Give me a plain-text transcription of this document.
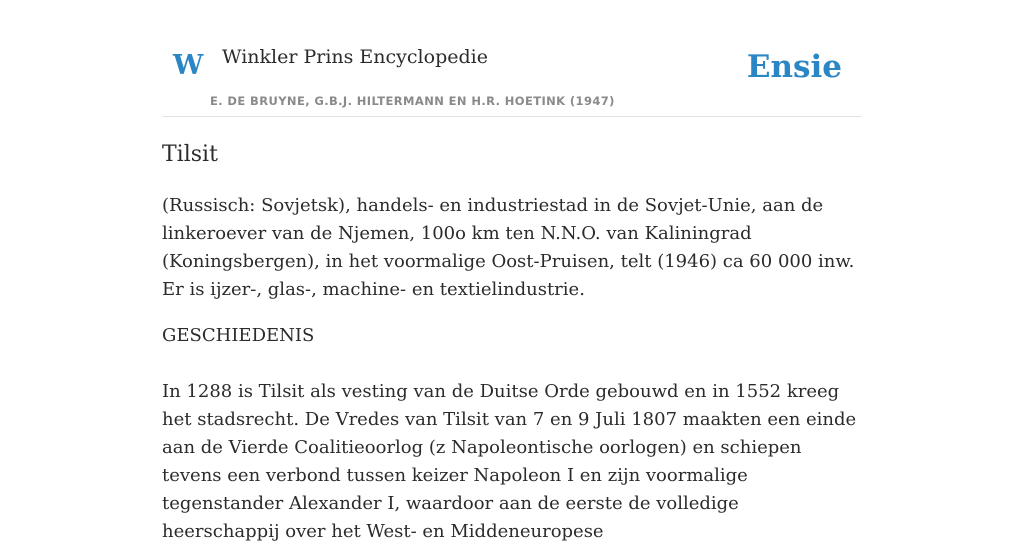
W Winkler Prins Encyclopedie
E. DE BRUYNE, G.B.J. HILTERMANN EN H.R. HOETINK (1947)
Ensie
Tilsit

(Russisch: Sovjetsk), handels- en industriestad in de Sovjet-Unie, aan de linkeroever van de Njemen, 100o km ten N.N.O. van Kaliningrad (Koningsbergen), in het voormalige Oost-Pruisen, telt (1946) ca 60 000 inw. Er is ijzer-, glas-, machine- en textielindustrie.

GESCHIEDENIS

In 1288 is Tilsit als vesting van de Duitse Orde gebouwd en in 1552 kreeg het stadsrecht. De Vredes van Tilsit van 7 en 9 Juli 1807 maakten een einde aan de Vierde Coalitieoorlog (z Napoleontische oorlogen) en schiepen tevens een verbond tussen keizer Napoleon I en zijn voormalige tegenstander Alexander I, waardoor aan de eerste de volledige heerschappij over het West- en Middeneuropese
